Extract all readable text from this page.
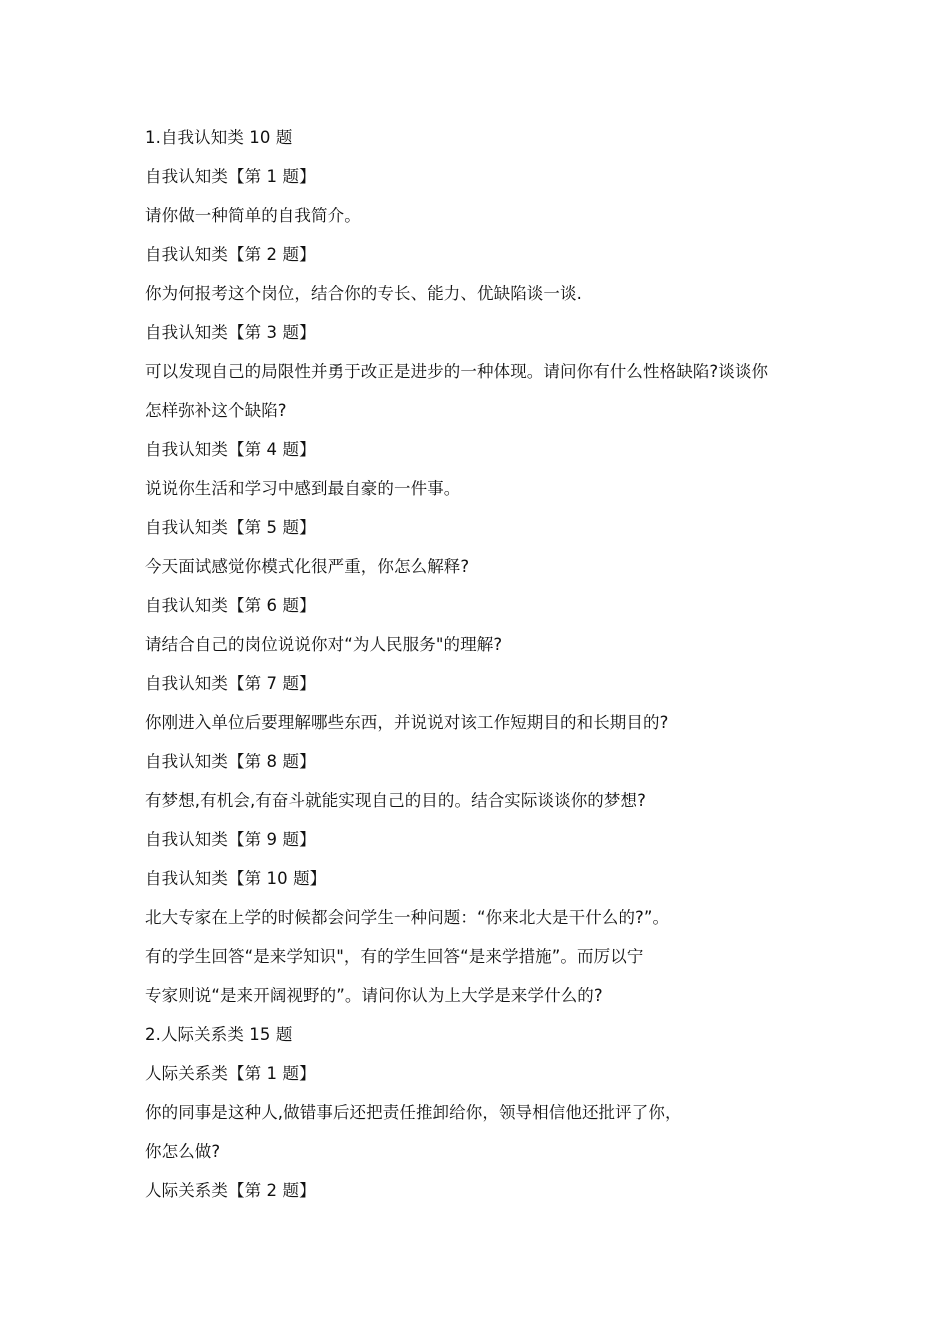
1.自我认知类 10 题
自我认知类【第 1 题】
请你做一种简单的自我简介。
自我认知类【第 2 题】
你为何报考这个岗位，结合你的专长、能力、优缺陷谈一谈.
自我认知类【第 3 题】
可以发现自己的局限性并勇于改正是进步的一种体现。请问你有什么性格缺陷?谈谈你
怎样弥补这个缺陷?
自我认知类【第 4 题】
说说你生活和学习中感到最自豪的一件事。
自我认知类【第 5 题】
今天面试感觉你模式化很严重，你怎么解释?
自我认知类【第 6 题】
请结合自己的岗位说说你对“为人民服务"的理解?
自我认知类【第 7 题】
你刚进入单位后要理解哪些东西，并说说对该工作短期目的和长期目的?
自我认知类【第 8 题】
有梦想,有机会,有奋斗就能实现自己的目的。结合实际谈谈你的梦想?
自我认知类【第 9 题】
自我认知类【第 10 题】
北大专家在上学的时候都会问学生一种问题：“你来北大是干什么的?”。
有的学生回答“是来学知识"，有的学生回答“是来学措施”。而厉以宁
专家则说“是来开阔视野的”。请问你认为上大学是来学什么的?
2.人际关系类 15 题
人际关系类【第 1 题】
你的同事是这种人,做错事后还把责任推卸给你，领导相信他还批评了你，
你怎么做?
人际关系类【第 2 题】
